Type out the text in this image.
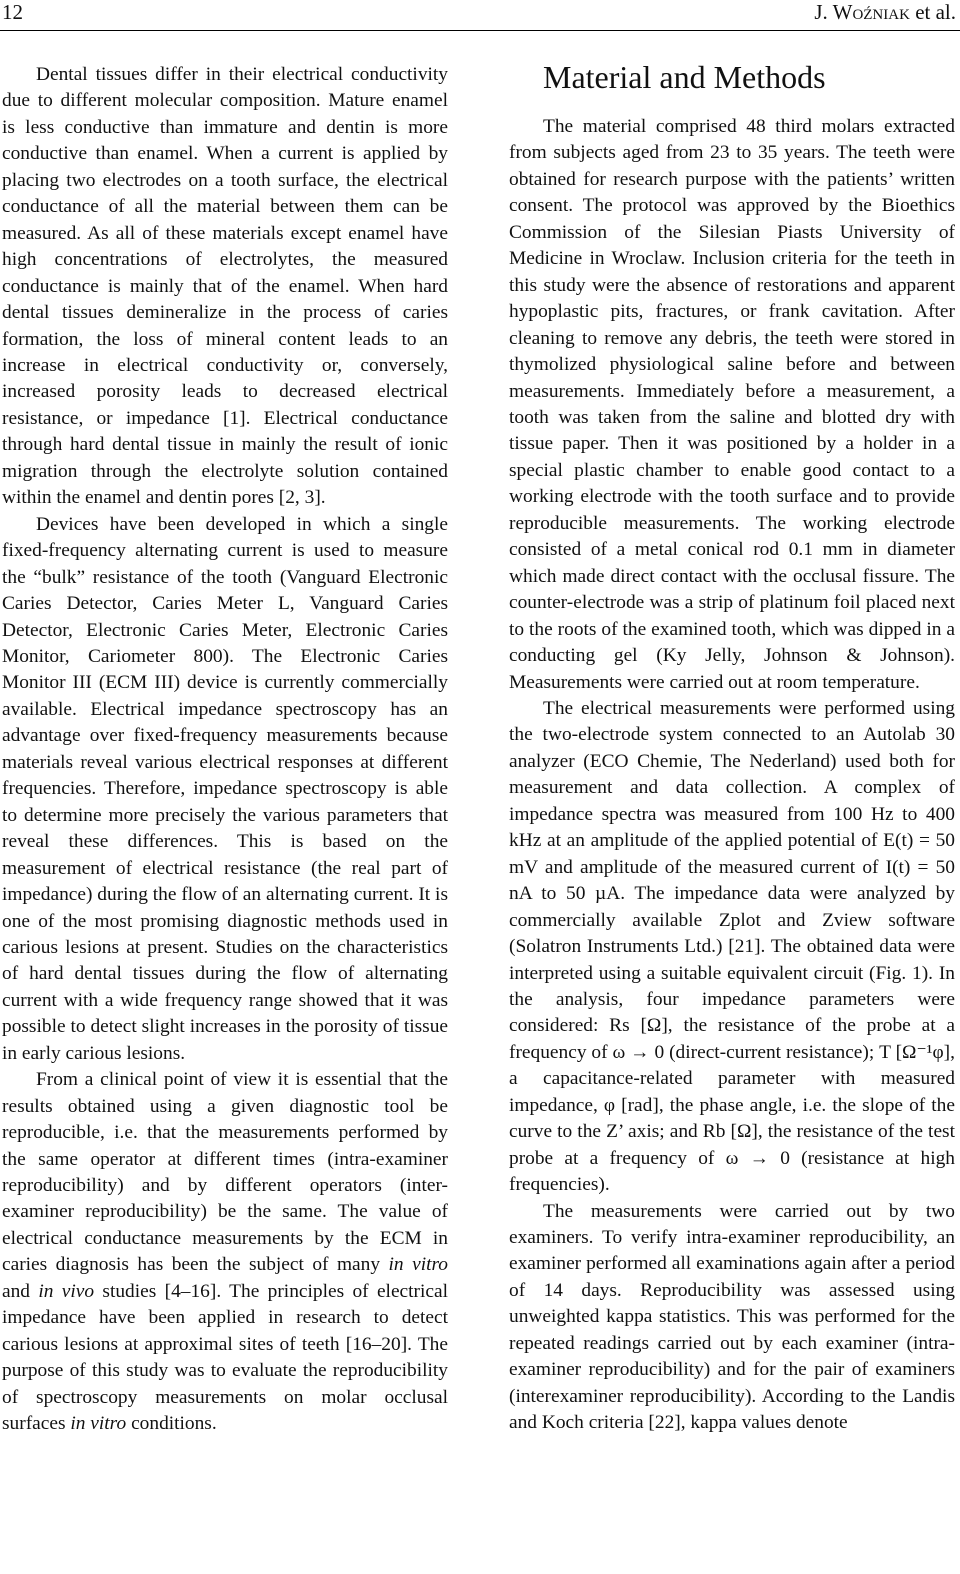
12	J. Woźniak et al.

Dental tissues differ in their electrical conductivity due to different molecular composition. Mature enamel is less conductive than immature and dentin is more conductive than enamel. When a current is applied by placing two electrodes on a tooth surface, the electrical conductance of all the material between them can be measured. As all of these materials except enamel have high concentrations of electrolytes, the measured conductance is mainly that of the enamel. When hard dental tissues demineralize in the process of caries formation, the loss of mineral content leads to an increase in electrical conductivity or, conversely, increased porosity leads to decreased electrical resistance, or impedance [1]. Electrical conductance through hard dental tissue in mainly the result of ionic migration through the electrolyte solution contained within the enamel and dentin pores [2, 3].

Devices have been developed in which a single fixed-frequency alternating current is used to measure the “bulk” resistance of the tooth (Vanguard Electronic Caries Detector, Caries Meter L, Vanguard Caries Detector, Electronic Caries Meter, Electronic Caries Monitor, Cariometer 800). The Electronic Caries Monitor III (ECM III) device is currently commercially available. Electrical impedance spectroscopy has an advantage over fixed-frequency measurements because materials reveal various electrical responses at different frequencies. Therefore, impedance spectroscopy is able to determine more precisely the various parameters that reveal these differences. This is based on the measurement of electrical resistance (the real part of impedance) during the flow of an alternating current. It is one of the most promising diagnostic methods used in carious lesions at present. Studies on the characteristics of hard dental tissues during the flow of alternating current with a wide frequency range showed that it was possible to detect slight increases in the porosity of tissue in early carious lesions.

From a clinical point of view it is essential that the results obtained using a given diagnostic tool be reproducible, i.e. that the measurements performed by the same operator at different times (intra-examiner reproducibility) and by different operators (inter-examiner reproducibility) be the same. The value of electrical conductance measurements by the ECM in caries diagnosis has been the subject of many in vitro and in vivo studies [4–16]. The principles of electrical impedance have been applied in research to detect carious lesions at approximal sites of teeth [16–20]. The purpose of this study was to evaluate the reproducibility of spectroscopy measurements on molar occlusal surfaces in vitro conditions.

Material and Methods

The material comprised 48 third molars extracted from subjects aged from 23 to 35 years. The teeth were obtained for research purpose with the patients’ written consent. The protocol was approved by the Bioethics Commission of the Silesian Piasts University of Medicine in Wroclaw. Inclusion criteria for the teeth in this study were the absence of restorations and apparent hypoplastic pits, fractures, or frank cavitation. After cleaning to remove any debris, the teeth were stored in thymolized physiological saline before and between measurements. Immediately before a measurement, a tooth was taken from the saline and blotted dry with tissue paper. Then it was positioned by a holder in a special plastic chamber to enable good contact to a working electrode with the tooth surface and to provide reproducible measurements. The working electrode consisted of a metal conical rod 0.1 mm in diameter which made direct contact with the occlusal fissure. The counter-electrode was a strip of platinum foil placed next to the roots of the examined tooth, which was dipped in a conducting gel (Ky Jelly, Johnson & Johnson). Measurements were carried out at room temperature.

The electrical measurements were performed using the two-electrode system connected to an Autolab 30 analyzer (ECO Chemie, The Nederland) used both for measurement and data collection. A complex of impedance spectra was measured from 100 Hz to 400 kHz at an amplitude of the applied potential of E(t) = 50 mV and amplitude of the measured current of I(t) = 50 nA to 50 µA. The impedance data were analyzed by commercially available Zplot and Zview software (Solatron Instruments Ltd.) [21]. The obtained data were interpreted using a suitable equivalent circuit (Fig. 1). In the analysis, four impedance parameters were considered: Rs [Ω], the resistance of the probe at a frequency of ω → 0 (direct-current resistance); T [Ω⁻¹φ], a capacitance-related parameter with measured impedance, φ [rad], the phase angle, i.e. the slope of the curve to the Z’ axis; and Rb [Ω], the resistance of the test probe at a frequency of ω → 0 (resistance at high frequencies).

The measurements were carried out by two examiners. To verify intra-examiner reproducibility, an examiner performed all examinations again after a period of 14 days. Reproducibility was assessed using unweighted kappa statistics. This was performed for the repeated readings carried out by each examiner (intra-examiner reproducibility) and for the pair of examiners (interexaminer reproducibility). According to the Landis and Koch criteria [22], kappa values denote
